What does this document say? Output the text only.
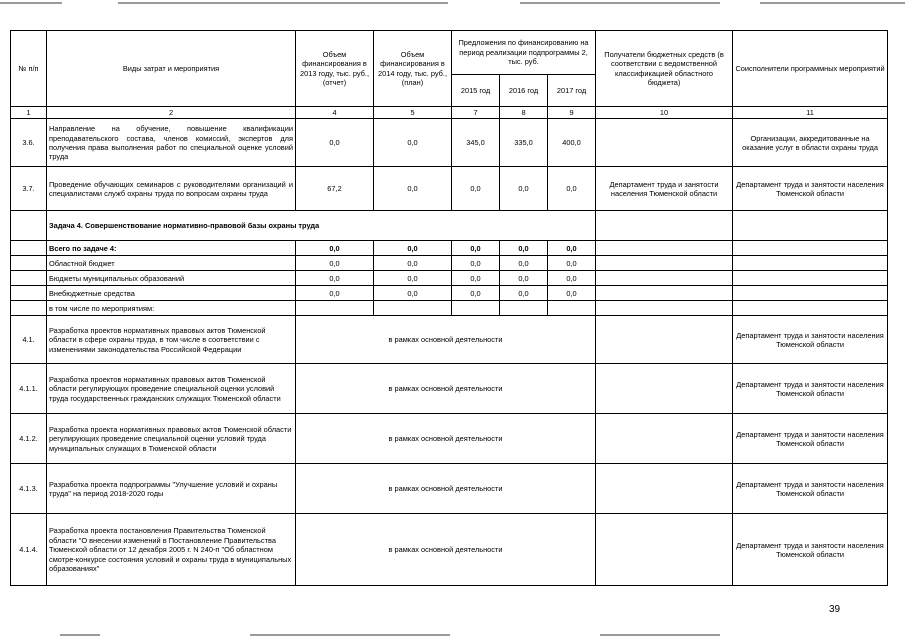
№ п/п	Виды затрат и мероприятия	Объем финансирования в 2013 году, тыс. руб., (отчет)	Объем финансирования в 2014 году, тыс. руб., (план)	Предложения по финансированию на период реализации подпрограммы 2, тыс. руб.			Получатели бюджетных средств (в соответствии с ведомственной классификацией областного бюджета)	Соисполнители программных мероприятий
				2015 год	2016 год	2017 год		
1	2	4	5	7	8	9	10	11
3.6.	Направление на обучение, повышение квалификации преподавательского состава, членов комиссий, экспертов для получения права выполнения работ по специальной оценке условий труда	0,0	0,0	345,0	335,0	400,0		Организации, аккредитованные на оказание услуг в области охраны труда
3.7.	Проведение обучающих семинаров с руководителями организаций и специалистами служб охраны труда по вопросам охраны труда	67,2	0,0	0,0	0,0	0,0	Департамент труда и занятости населения Тюменской области	Департамент труда и занятости населения Тюменской области
	Задача 4. Совершенствование нормативно-правовой базы охраны труда							
	Всего по задаче 4:	0,0	0,0	0,0	0,0	0,0		
	Областной бюджет	0,0	0,0	0,0	0,0	0,0		
	Бюджеты муниципальных образований	0,0	0,0	0,0	0,0	0,0		
	Внебюджетные средства	0,0	0,0	0,0	0,0	0,0		
	в том числе по мероприятиям:							
4.1.	Разработка проектов нормативных правовых актов Тюменской области в сфере охраны труда, в том числе в соответствии с изменениями законодательства Российской Федерации	в рамках основной деятельности						Департамент труда и занятости населения Тюменской области
4.1.1.	Разработка проектов нормативных правовых актов Тюменской области регулирующих проведение специальной оценки условий труда государственных гражданских служащих Тюменской области	в рамках основной деятельности						Департамент труда и занятости населения Тюменской области
4.1.2.	Разработка проекта нормативных правовых актов Тюменской области регулирующих проведение специальной оценки условий труда муниципальных служащих в Тюменской области	в рамках основной деятельности						Департамент труда и занятости населения Тюменской области
4.1.3.	Разработка проекта подпрограммы "Улучшение условий и охраны труда" на период 2018-2020 годы	в рамках основной деятельности						Департамент труда и занятости населения Тюменской области
4.1.4.	Разработка проекта постановления Правительства Тюменской области "О внесении изменений в Постановление Правительства Тюменской области от 12 декабря 2005 г. N 240-п "Об областном смотре-конкурсе состояния условий и охраны труда в муниципальных образованиях"	в рамках основной деятельности						Департамент труда и занятости населения Тюменской области
39
